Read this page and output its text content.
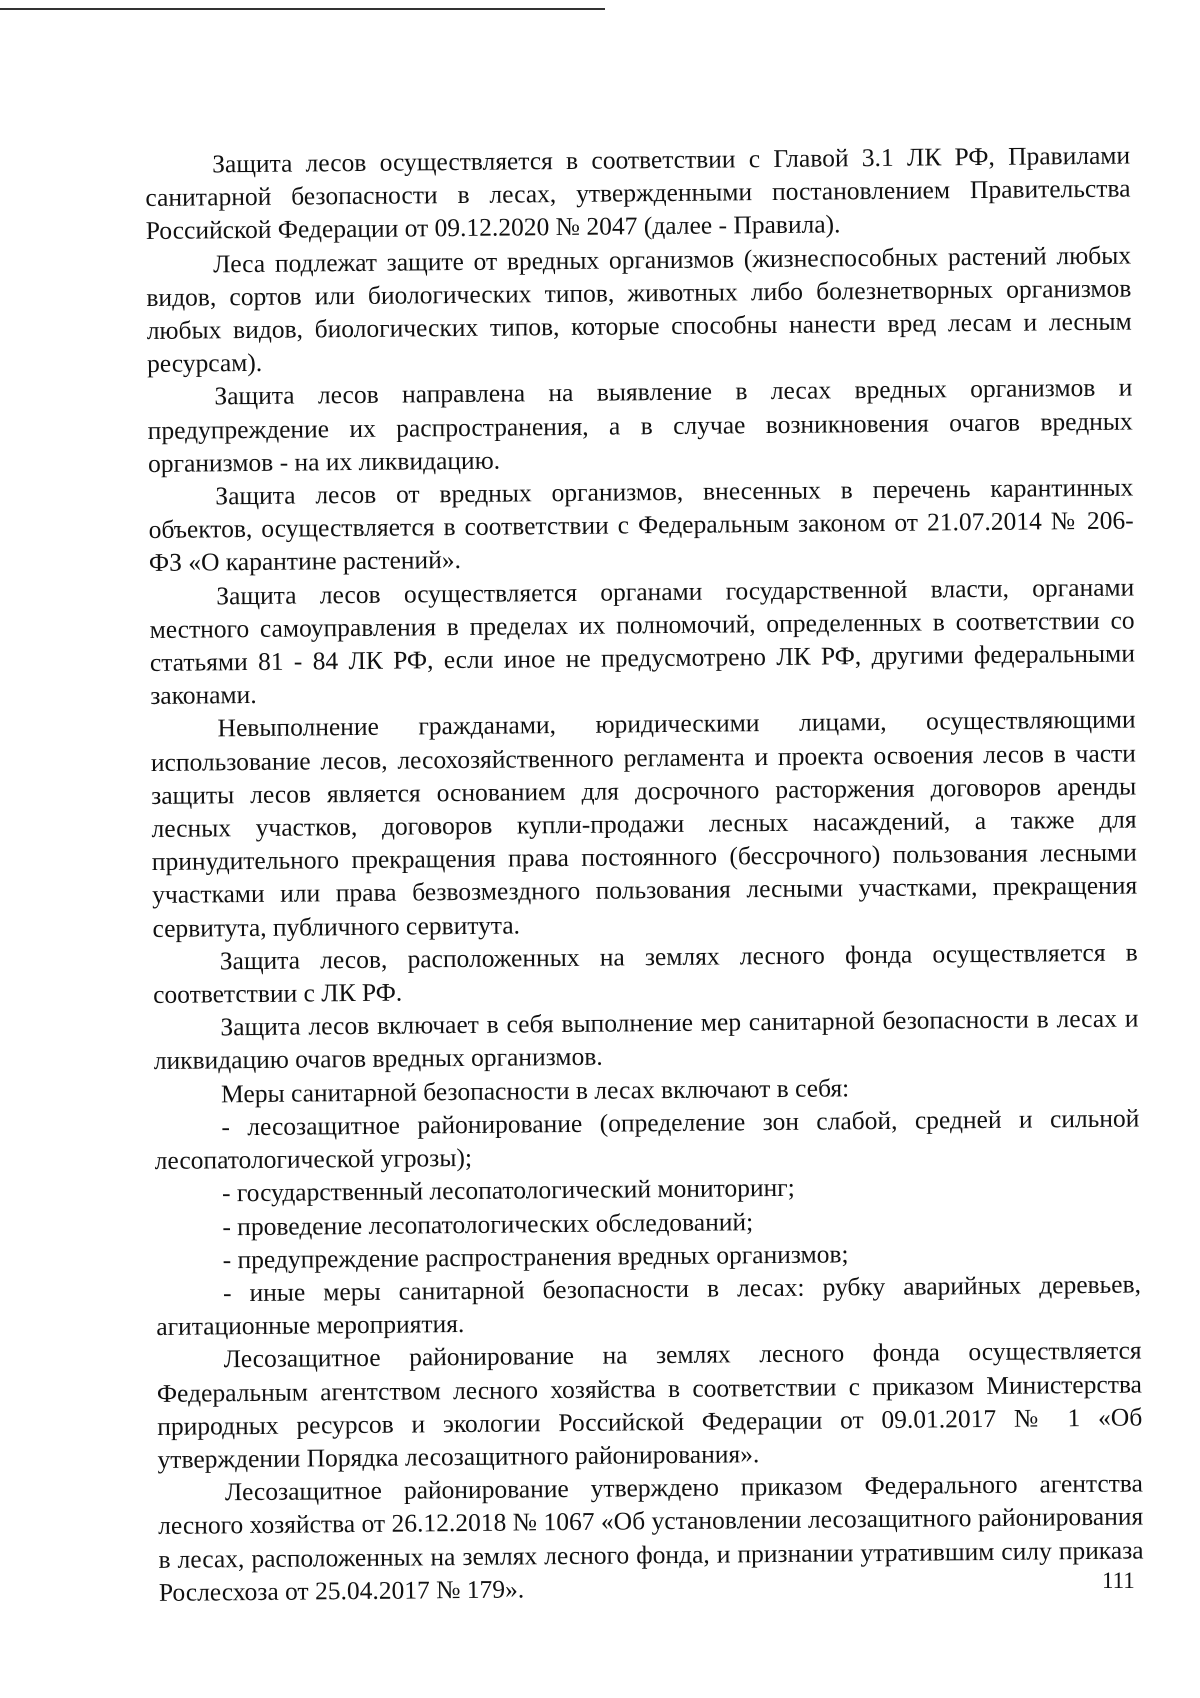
Защита лесов осуществляется в соответствии с Главой 3.1 ЛК РФ, Правилами санитарной безопасности в лесах, утвержденными постановлением Правительства Российской Федерации от 09.12.2020 № 2047 (далее - Правила).

Леса подлежат защите от вредных организмов (жизнеспособных растений любых видов, сортов или биологических типов, животных либо болезнетворных организмов любых видов, биологических типов, которые способны нанести вред лесам и лесным ресурсам).

Защита лесов направлена на выявление в лесах вредных организмов и предупреждение их распространения, а в случае возникновения очагов вредных организмов - на их ликвидацию.

Защита лесов от вредных организмов, внесенных в перечень карантинных объектов, осуществляется в соответствии с Федеральным законом от 21.07.2014 № 206-ФЗ «О карантине растений».

Защита лесов осуществляется органами государственной власти, органами местного самоуправления в пределах их полномочий, определенных в соответствии со статьями 81 - 84 ЛК РФ, если иное не предусмотрено ЛК РФ, другими федеральными законами.

Невыполнение гражданами, юридическими лицами, осуществляющими использование лесов, лесохозяйственного регламента и проекта освоения лесов в части защиты лесов является основанием для досрочного расторжения договоров аренды лесных участков, договоров купли-продажи лесных насаждений, а также для принудительного прекращения права постоянного (бессрочного) пользования лесными участками или права безвозмездного пользования лесными участками, прекращения сервитута, публичного сервитута.

Защита лесов, расположенных на землях лесного фонда осуществляется в соответствии с ЛК РФ.

Защита лесов включает в себя выполнение мер санитарной безопасности в лесах и ликвидацию очагов вредных организмов.

Меры санитарной безопасности в лесах включают в себя:

- лесозащитное районирование (определение зон слабой, средней и сильной лесопатологической угрозы);

- государственный лесопатологический мониторинг;

- проведение лесопатологических обследований;

- предупреждение распространения вредных организмов;

- иные меры санитарной безопасности в лесах: рубку аварийных деревьев, агитационные мероприятия.

Лесозащитное районирование на землях лесного фонда осуществляется Федеральным агентством лесного хозяйства в соответствии с приказом Министерства природных ресурсов и экологии Российской Федерации от 09.01.2017 № 1 «Об утверждении Порядка лесозащитного районирования».

Лесозащитное районирование утверждено приказом Федерального агентства лесного хозяйства от 26.12.2018 № 1067 «Об установлении лесозащитного районирования в лесах, расположенных на землях лесного фонда, и признании утратившим силу приказа Рослесхоза от 25.04.2017 № 179».	111
